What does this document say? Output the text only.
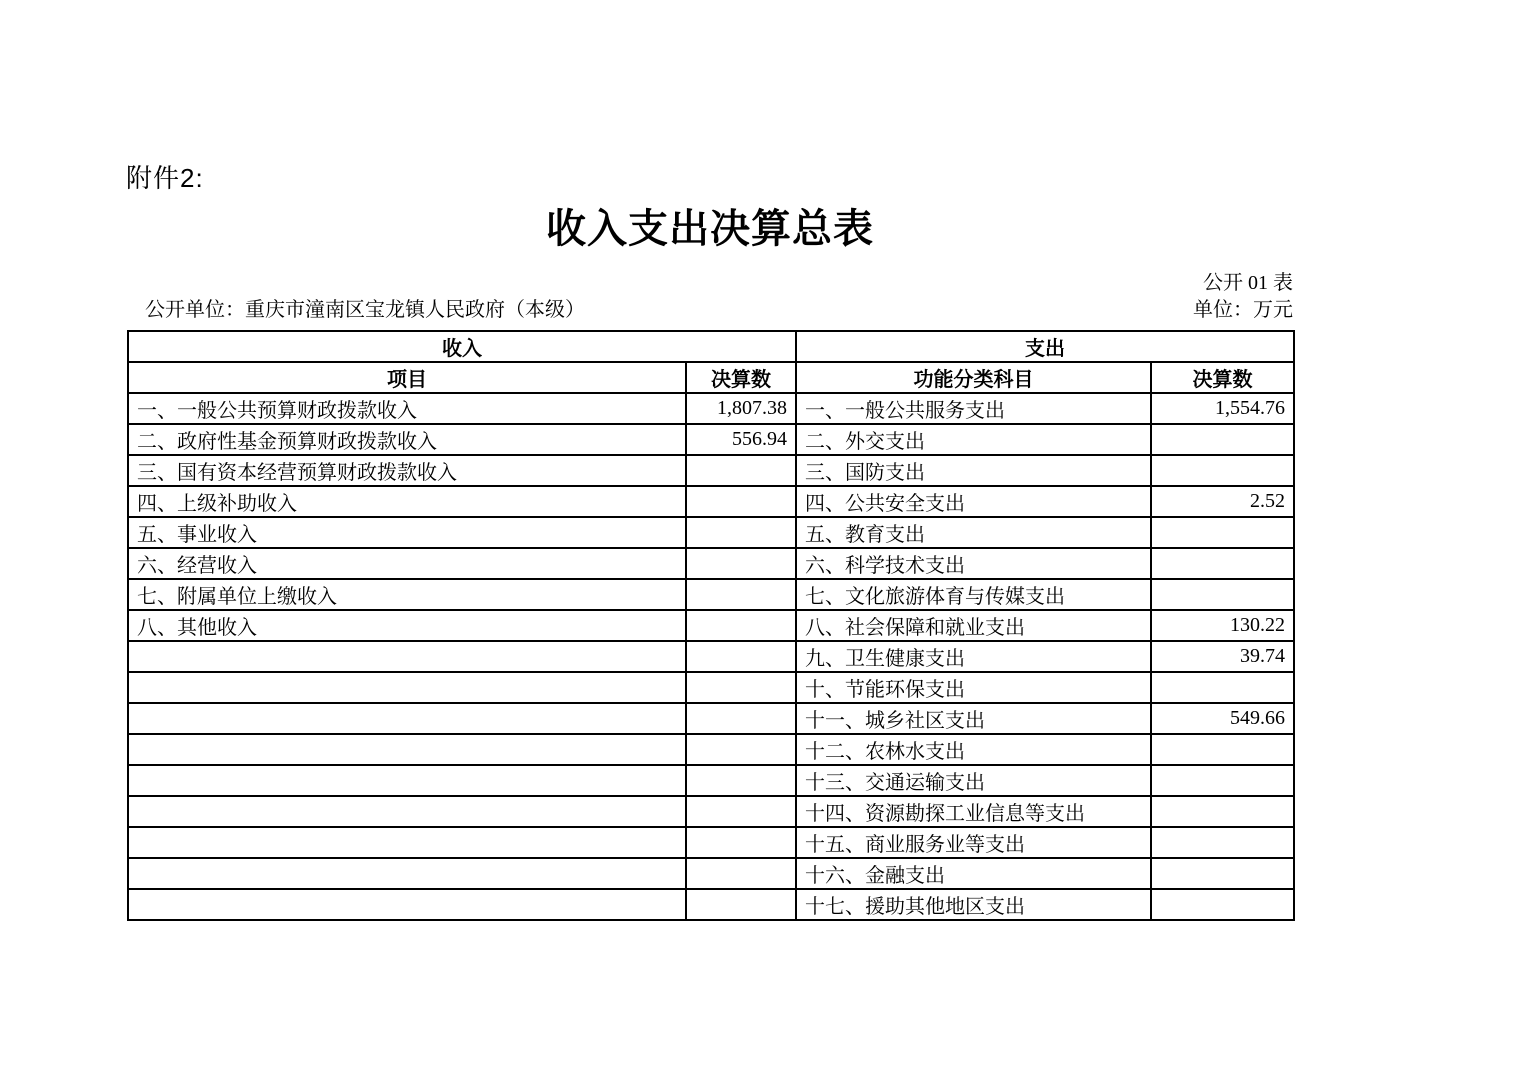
附件2:
收入支出决算总表
公开 01 表
公开单位：重庆市潼南区宝龙镇人民政府（本级）	单位：万元
收入		支出	
项目	决算数	功能分类科目	决算数
一、一般公共预算财政拨款收入	1,807.38	一、一般公共服务支出	1,554.76
二、政府性基金预算财政拨款收入	556.94	二、外交支出	
三、国有资本经营预算财政拨款收入		三、国防支出	
四、上级补助收入		四、公共安全支出	2.52
五、事业收入		五、教育支出	
六、经营收入		六、科学技术支出	
七、附属单位上缴收入		七、文化旅游体育与传媒支出	
八、其他收入		八、社会保障和就业支出	130.22
		九、卫生健康支出	39.74
		十、节能环保支出	
		十一、城乡社区支出	549.66
		十二、农林水支出	
		十三、交通运输支出	
		十四、资源勘探工业信息等支出	
		十五、商业服务业等支出	
		十六、金融支出	
		十七、援助其他地区支出	
